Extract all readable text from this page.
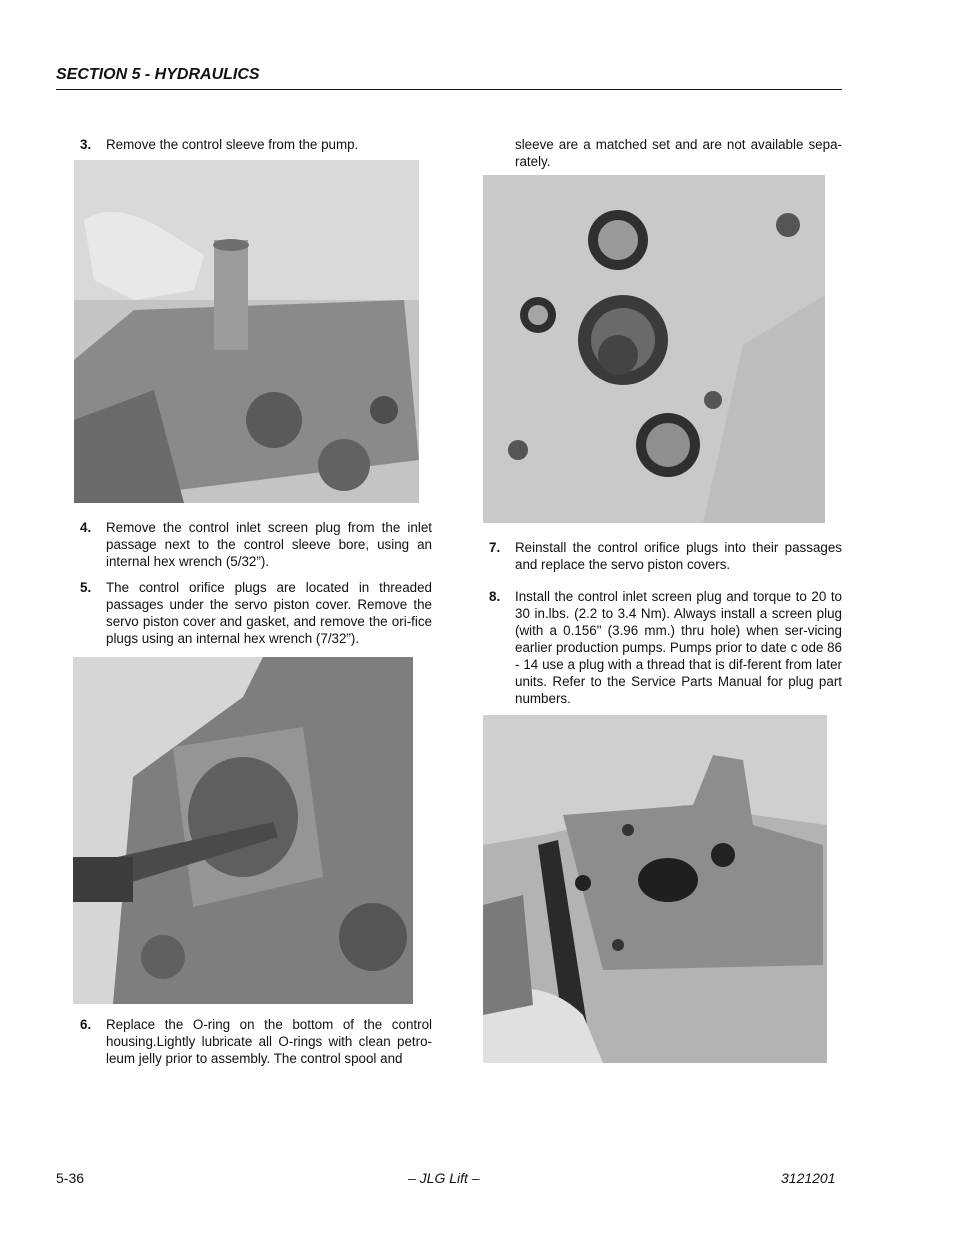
SECTION 5 - HYDRAULICS
3. Remove the control sleeve from the pump.
4. Remove the control inlet screen plug from the inlet passage next to the control sleeve bore, using an internal hex wrench (5/32”).
5. The control orifice plugs are located in threaded passages under the servo piston cover. Remove the servo piston cover and gasket, and remove the ori-fice plugs using an internal hex wrench (7/32”).
6. Replace the O-ring on the bottom of the control housing.Lightly lubricate all O-rings with clean petro-leum jelly prior to assembly. The control spool and
sleeve are a matched set and are not available sepa-rately.
7. Reinstall the control orifice plugs into their passages and replace the servo piston covers.
8. Install the control inlet screen plug and torque to 20 to 30 in.lbs. (2.2 to 3.4 Nm). Always install a screen plug (with a 0.156" (3.96 mm.) thru hole) when ser-vicing earlier production pumps. Pumps prior to date c ode 86 - 14 use a plug with a thread that is dif-ferent from later units. Refer to the Service Parts Manual for plug part numbers.
5-36	– JLG Lift –	3121201
